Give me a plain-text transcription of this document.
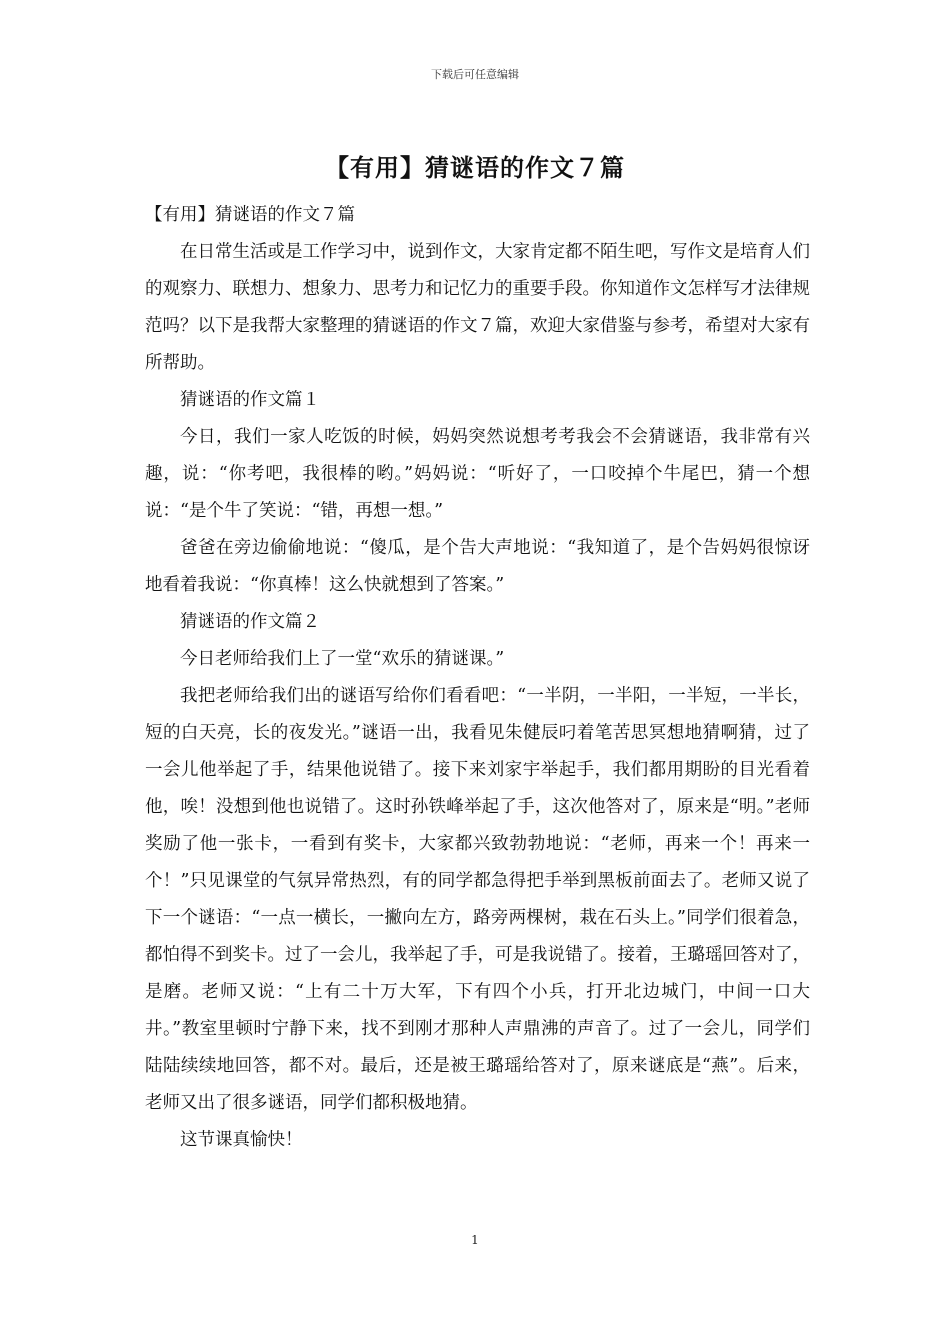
下载后可任意编辑
【有用】猜谜语的作文７篇

【有用】猜谜语的作文７篇

在日常生活或是工作学习中，说到作文，大家肯定都不陌生吧，写作文是培育人们的观察力、联想力、想象力、思考力和记忆力的重要手段。你知道作文怎样写才法律规范吗？以下是我帮大家整理的猜谜语的作文７篇，欢迎大家借鉴与参考，希望对大家有所帮助。

猜谜语的作文篇１

今日，我们一家人吃饭的时候，妈妈突然说想考考我会不会猜谜语，我非常有兴趣，说：“你考吧，我很棒的哟。”妈妈说：“听好了，一口咬掉个牛尾巴，猜一个想说：“是个牛了笑说：“错，再想一想。”

爸爸在旁边偷偷地说：“傻瓜，是个告大声地说：“我知道了，是个告妈妈很惊讶地看着我说：“你真棒！这么快就想到了答案。”

猜谜语的作文篇２

今日老师给我们上了一堂“欢乐的猜谜课。”

我把老师给我们出的谜语写给你们看看吧：“一半阴，一半阳，一半短，一半长，短的白天亮，长的夜发光。”谜语一出，我看见朱健辰叼着笔苦思冥想地猜啊猜，过了一会儿他举起了手，结果他说错了。接下来刘家宇举起手，我们都用期盼的目光看着他，唉！没想到他也说错了。这时孙铁峰举起了手，这次他答对了，原来是“明。”老师奖励了他一张卡，一看到有奖卡，大家都兴致勃勃地说：“老师，再来一个！再来一个！”只见课堂的气氛异常热烈，有的同学都急得把手举到黑板前面去了。老师又说了下一个谜语：“一点一横长，一撇向左方，路旁两棵树，栽在石头上。”同学们很着急，都怕得不到奖卡。过了一会儿，我举起了手，可是我说错了。接着，王璐瑶回答对了，是磨。老师又说：“上有二十万大军，下有四个小兵，打开北边城门，中间一口大井。”教室里顿时宁静下来，找不到刚才那种人声鼎沸的声音了。过了一会儿，同学们陆陆续续地回答，都不对。最后，还是被王璐瑶给答对了，原来谜底是“燕”。后来，老师又出了很多谜语，同学们都积极地猜。

这节课真愉快！

1
